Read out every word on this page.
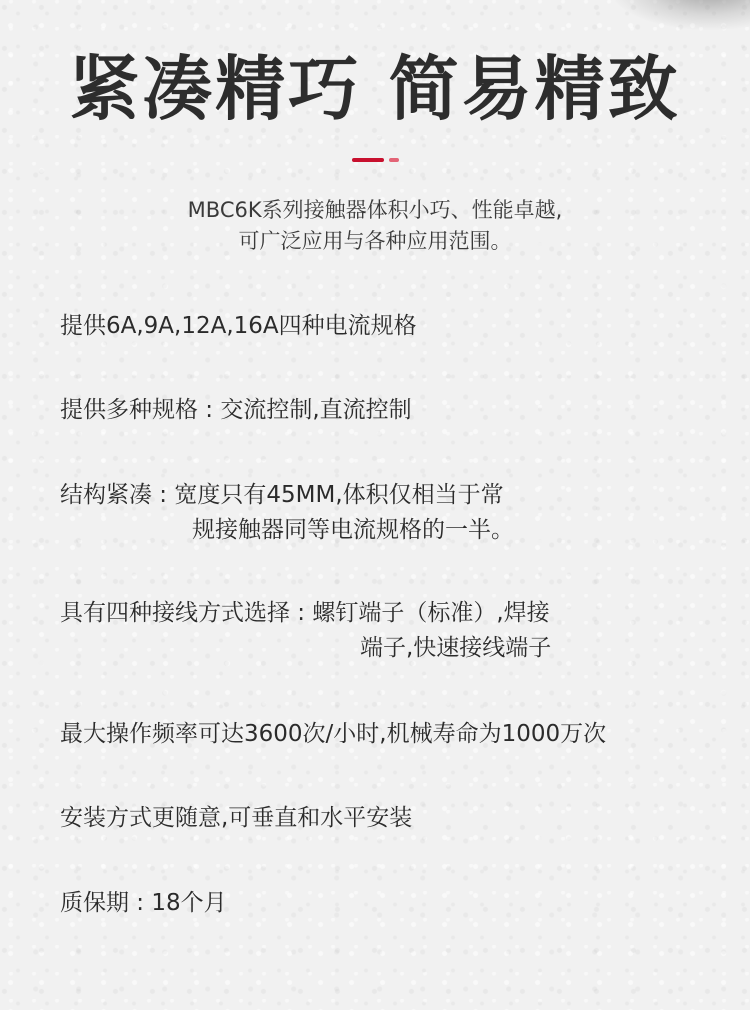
紧凑精巧 简易精致
MBC6K系列接触器体积小巧、性能卓越,
可广泛应用与各种应用范围。
提供6A,9A,12A,16A四种电流规格
提供多种规格 : 交流控制,直流控制
结构紧凑 : 宽度只有45MM,体积仅相当于常
规接触器同等电流规格的一半。
具有四种接线方式选择 : 螺钉端子（标准）,焊接
端子,快速接线端子
最大操作频率可达3600次/小时,机械寿命为1000万次
安装方式更随意,可垂直和水平安装
质保期 : 18个月
